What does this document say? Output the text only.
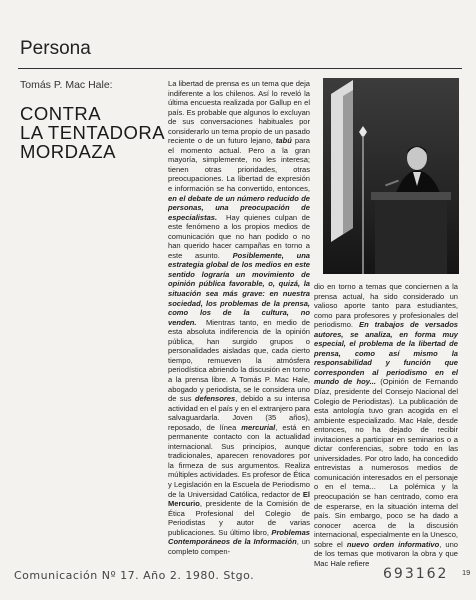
Persona
Tomás P. Mac Hale:
CONTRA
LA TENTADORA
MORDAZA

La libertad de prensa es un tema que deja indiferente a los chilenos. Así lo reveló la última encuesta realizada por Gallup en el país. Es probable que algunos lo excluyan de sus conversaciones habituales por considerarlo un tema propio de un pasado reciente o de un futuro lejano, tabú para el momento actual. Pero a la gran mayoría, simplemente, no les interesa; tienen otras prioridades, otras preocupaciones. La libertad de expresión e información se ha convertido, entonces, en el debate de un número reducido de personas, una preocupación de especialistas.  Hay quienes culpan de este fenómeno a los propios medios de comunicación que no han podido o no han querido hacer campañas en torno a este asunto. Posiblemente, una estrategia global de los medios en este sentido lograría un movimiento de opinión pública favorable, o, quizá, la situación sea más grave: en nuestra sociedad, los problemas de la prensa, como los de la cultura, no venden.  Mientras tanto, en medio de esta absoluta indiferencia de la opinión pública, han surgido grupos o personalidades aisladas que, cada cierto tiempo, remueven la atmósfera periodística abriendo la discusión en torno a la prensa libre. A Tomás P. Mac Hale, abogado y periodista, se le considera uno de sus defensores, debido a su intensa actividad en el país y en el extranjero para salvaguardarla. Joven (35 años), reposado, de línea mercurial, está en permanente contacto con la actualidad internacional. Sus principios, aunque tradicionales, aparecen renovadores por la firmeza de sus argumentos. Realiza múltiples actividades. Es profesor de Ética y Legislación en la Escuela de Periodismo de la Universidad Católica, redactor de El Mercurio, presidente de la Comisión de Ética Profesional del Colegio de Periodistas y autor de varias publicaciones. Su último libro, Problemas Contemporáneos de la Información, un completo compen-

dio en torno a temas que conciernen a la prensa actual, ha sido considerado un valioso aporte tanto para estudiantes, como para profesores y profesionales del periodismo. En trabajos de versados autores, se analiza, en forma muy especial, el problema de la libertad de prensa, como así mismo la responsabilidad y función que corresponden al periodismo en el mundo de hoy... (Opinión de Fernando Díaz, presidente del Consejo Nacional del Colegio de Periodistas).  La publicación de esta antología tuvo gran acogida en el ambiente especializado. Mac Hale, desde entonces, no ha dejado de recibir invitaciones a participar en seminarios o a dictar conferencias, sobre todo en las universidades. Por otro lado, ha concedido entrevistas a numerosos medios de comunicación interesados en el personaje o en el tema...  La polémica y la preocupación se han centrado, como era de esperarse, en la situación interna del país. Sin embargo, poco se ha dado a conocer acerca de la discusión internacional, especialmente en la Unesco, sobre el nuevo orden informativo, uno de los temas que motivaron la obra y que Mac Hale refiere

19
Comunicación Nº 17. Año 2. 1980. Stgo.	693162
